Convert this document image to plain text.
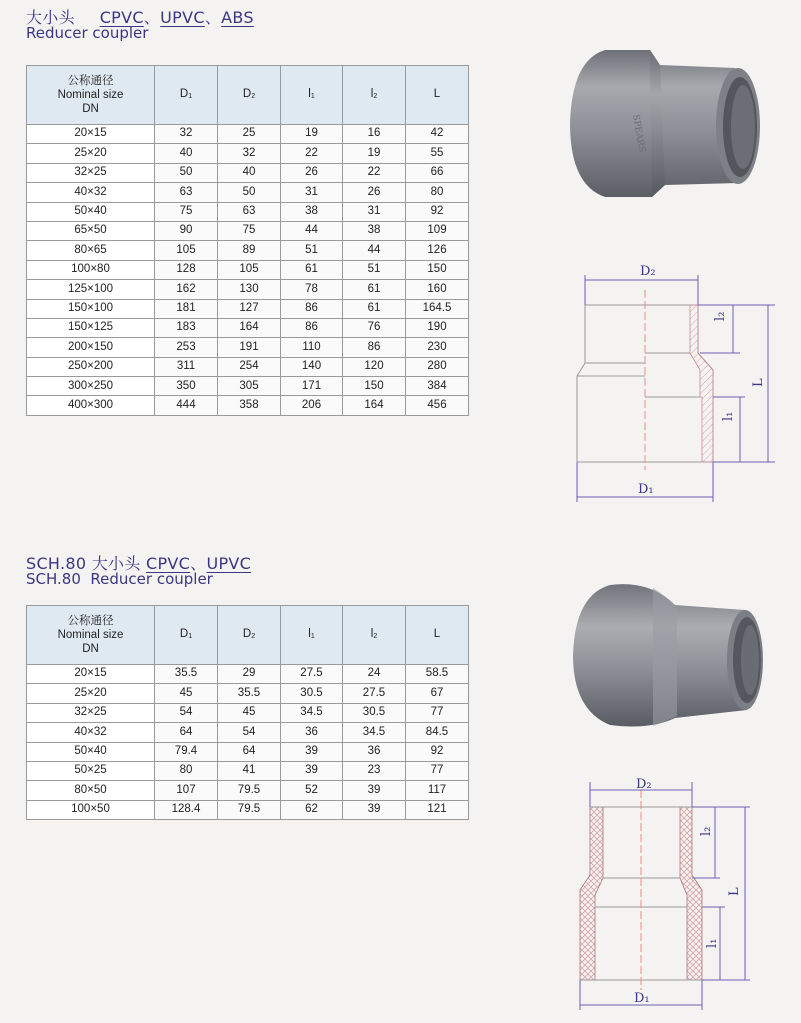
大小头 CPVC、UPVC、ABS
Reducer coupler
公称通径
Nominal size
DN	D1	D2	l1	l2	L
20×15	32	25	19	16	42
25×20	40	32	22	19	55
32×25	50	40	26	22	66
40×32	63	50	31	26	80
50×40	75	63	38	31	92
65×50	90	75	44	38	109
80×65	105	89	51	44	126
100×80	128	105	61	51	150
125×100	162	130	78	61	160
150×100	181	127	86	61	164.5
150×125	183	164	86	76	190
200×150	253	191	110	86	230
250×200	311	254	140	120	280
300×250	350	305	171	150	384
400×300	444	358	206	164	456
SPEARS
D₂
D₁
l₂
l₁
L
SCH.80 大小头 CPVC、UPVC
SCH.80  Reducer coupler
公称通径
Nominal size
DN	D1	D2	l1	l2	L
20×15	35.5	29	27.5	24	58.5
25×20	45	35.5	30.5	27.5	67
32×25	54	45	34.5	30.5	77
40×32	64	54	36	34.5	84.5
50×40	79.4	64	39	36	92
50×25	80	41	39	23	77
80×50	107	79.5	52	39	117
100×50	128.4	79.5	62	39	121
D₂
D₁
l₂
l₁
L
